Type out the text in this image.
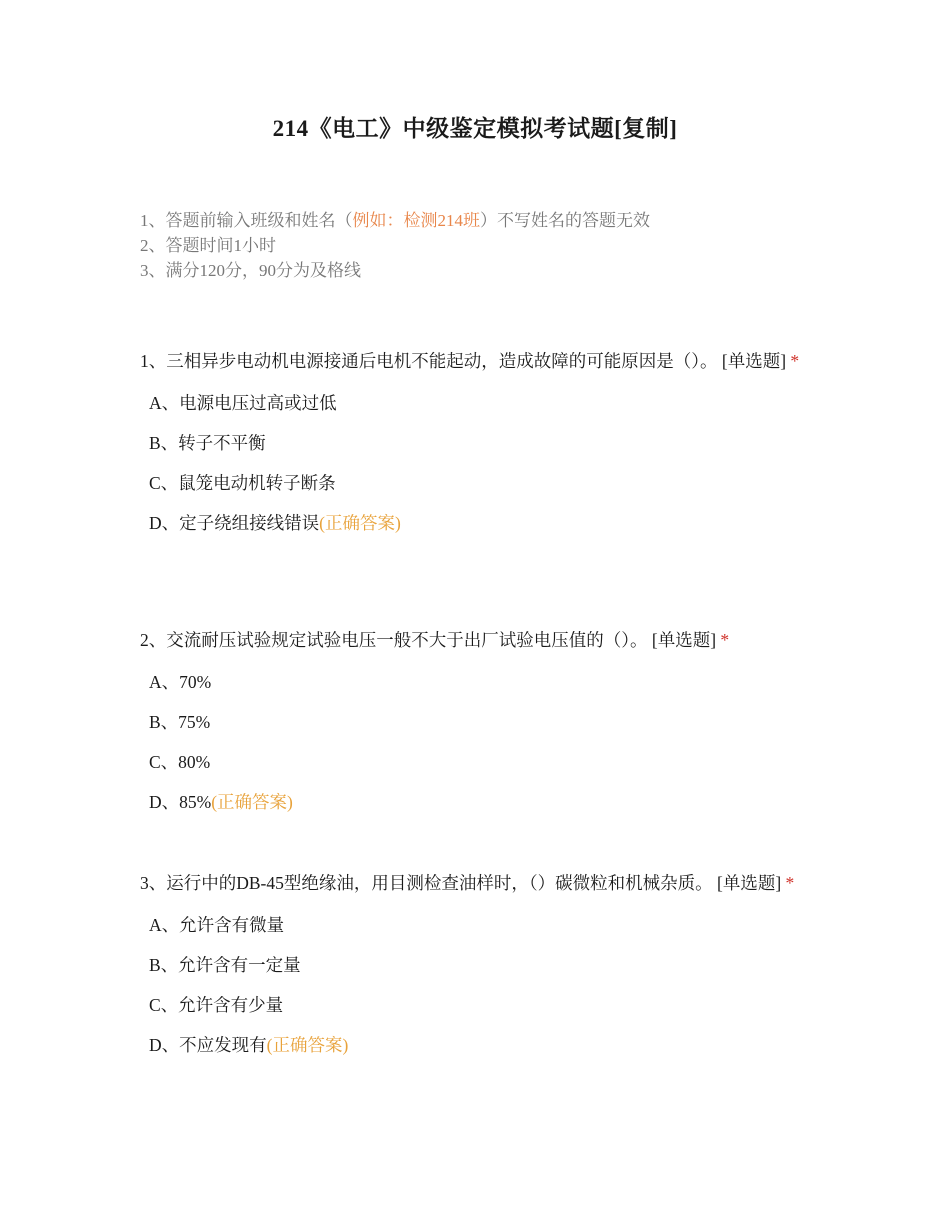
214《电工》中级鉴定模拟考试题[复制]
1、答题前输入班级和姓名（例如：检测214班）不写姓名的答题无效
2、答题时间1小时
3、满分120分，90分为及格线
1、三相异步电动机电源接通后电机不能起动，造成故障的可能原因是（）。 [单选题] *
A、电源电压过高或过低
B、转子不平衡
C、鼠笼电动机转子断条
D、定子绕组接线错误(正确答案)
2、交流耐压试验规定试验电压一般不大于出厂试验电压值的（）。 [单选题] *
A、70%
B、75%
C、80%
D、85%(正确答案)
3、运行中的DB-45型绝缘油，用目测检查油样时，（）碳微粒和机械杂质。 [单选题] *
A、允许含有微量
B、允许含有一定量
C、允许含有少量
D、不应发现有(正确答案)
